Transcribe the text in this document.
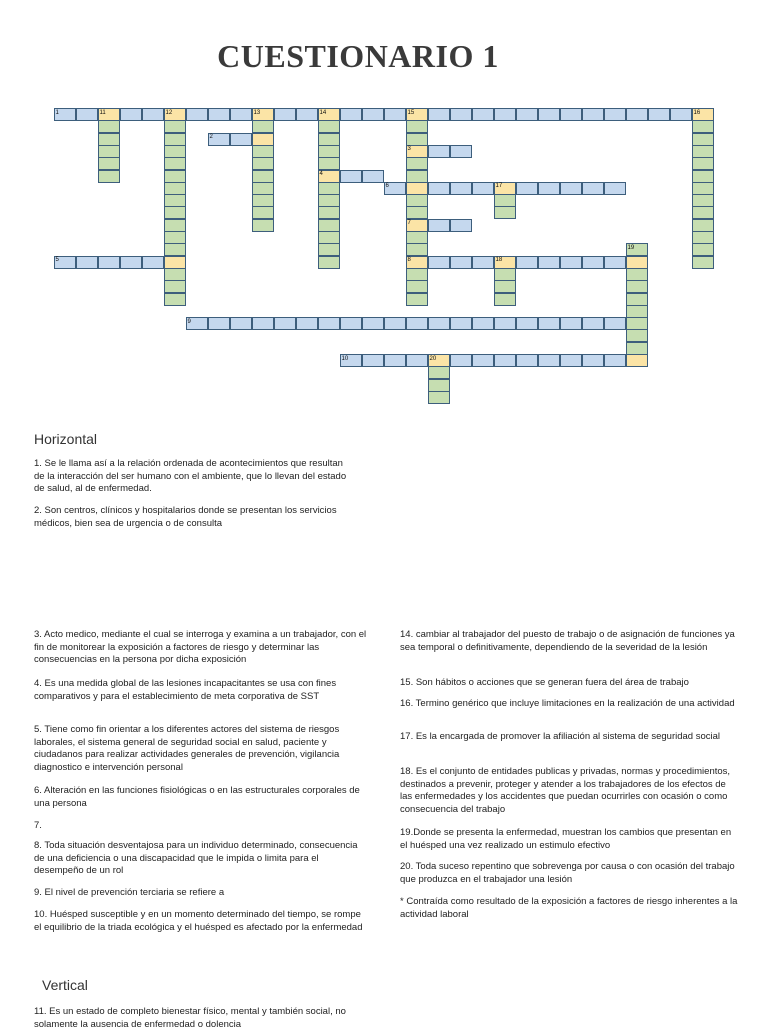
CUESTIONARIO 1
1	11	12	13	14	15	16
2
3
4
6	17
7
19
5	8	18
9
10	20
Horizontal
Vertical

1. Se le llama así a la relación ordenada de acontecimientos que resultan de la interacción del ser humano con el ambiente, que lo llevan del estado de salud, al de enfermedad.

2. Son centros, clínicos y hospitalarios donde se presentan los servicios médicos, bien sea de urgencia o de consulta

3. Acto medico, mediante el cual se interroga y examina a un trabajador, con el fin de monitorear la exposición a factores de riesgo y determinar las consecuencias en la persona por dicha exposición

4. Es una medida global de las lesiones incapacitantes se usa con fines comparativos y para el establecimiento de meta corporativa de SST

5. Tiene como fin orientar a los diferentes actores del sistema de riesgos laborales, el sistema general de seguridad social en salud, paciente y ciudadanos para realizar actividades generales de prevención, vigilancia diagnostico e intervención personal

6. Alteración en las funciones fisiológicas o en las estructurales corporales de una persona

7.

8. Toda situación desventajosa para un individuo determinado, consecuencia de una deficiencia o una discapacidad que le impida o limita para el desempeño de un rol

9. El nivel de prevención terciaria se refiere a

10. Huésped susceptible y en un momento determinado del tiempo, se rompe el equilibrio de la triada ecológica y el huésped es afectado por la enfermedad

11. Es un estado de completo bienestar físico, mental y también social, no solamente la ausencia de enfermedad o dolencia

14. cambiar al trabajador del puesto de trabajo o de asignación de funciones ya sea temporal o definitivamente, dependiendo de la severidad de la lesión

15. Son hábitos o acciones que se generan fuera del área de trabajo

16. Termino genérico que incluye limitaciones en la realización de una actividad

17. Es la encargada de promover la afiliación al sistema de seguridad social

18. Es el conjunto de entidades publicas y privadas, normas y procedimientos, destinados a prevenir, proteger y atender a los trabajadores de los efectos de las enfermedades y los accidentes que puedan ocurrirles con ocasión o como consecuencia del trabajo

19.Donde se presenta la enfermedad, muestran los cambios que presentan en el huésped una vez realizado un estimulo efectivo

20. Toda suceso repentino que sobrevenga por causa o con ocasión del trabajo que produzca en el trabajador una lesión

* Contraída como resultado de la exposición a factores de riesgo inherentes a la actividad laboral
